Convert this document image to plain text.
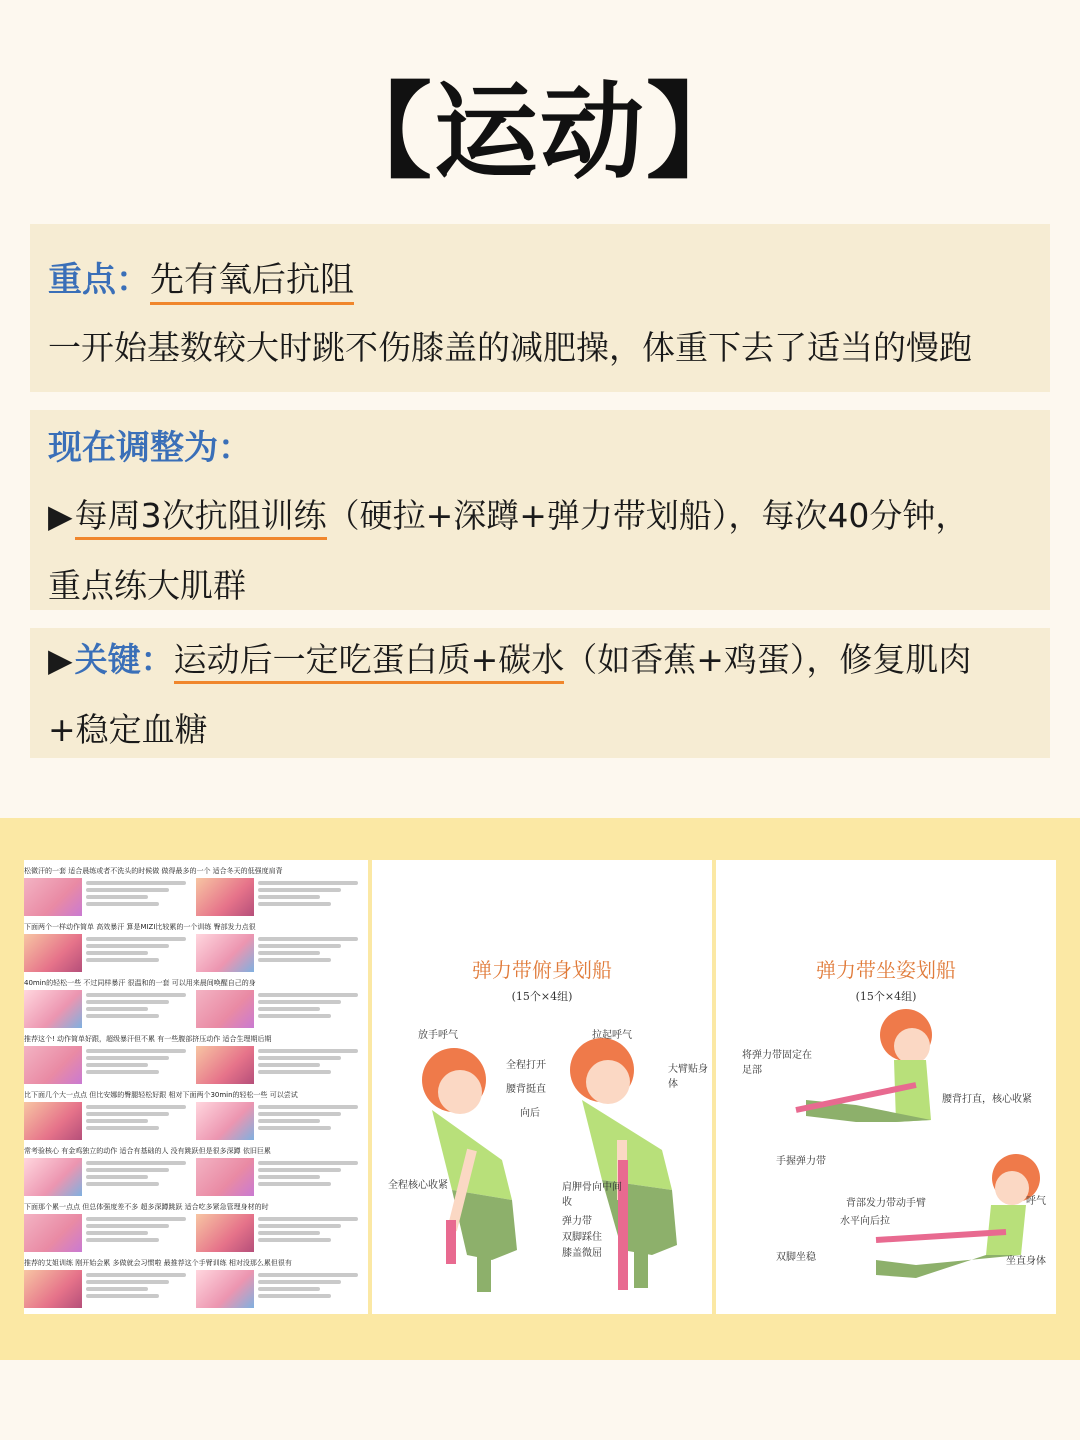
【运动】
重点：先有氧后抗阻
一开始基数较大时跳不伤膝盖的减肥操，体重下去了适当的慢跑
现在调整为：
▶每周3次抗阻训练（硬拉+深蹲+弹力带划船），每次40分钟，
重点练大肌群
▶关键：运动后一定吃蛋白质+碳水（如香蕉+鸡蛋），修复肌肉
+稳定血糖
松微汗的一套 适合晨练或者不洗头的时候做 做得最多的一个 适合冬天的低强度肩背
下面两个一样动作简单 高效暴汗 算是MIZI比较累的一个训练 臀部发力点很
40min的轻松一些 不过同样暴汗 很温和的一套 可以用来晨间唤醒自己的身
推荐这个! 动作简单好跟，超级暴汗但不累 有一些腹部挤压动作 适合生理期后期
比下面几个大一点点 但比安娜的臀腿轻松好跟 相对下面两个30min的轻松一些 可以尝试
常考验核心 有金鸡独立的动作 适合有基础的人 没有跳跃但是很多深蹲 依旧巨累
下面那个累一点点 但总体强度差不多 超多深蹲跳跃 适合吃多紧急管理身材的时
推荐的艾姐训练 刚开始会累 多做就会习惯啦 最推荐这个手臂训练 相对没那么累但很有
弹力带俯身划船
(15个×4组)
放手呼气	拉起呼气
全程打开
腰背挺直
向后
大臂贴身体
全程核心收紧	肩胛骨向中间收
弹力带
双脚踩住
膝盖微屈
弹力带坐姿划船
(15个×4组)
将弹力带固定在足部
腰背打直，核心收紧
手握弹力带
背部发力带动手臂
水平向后拉
双脚坐稳
呼气
坐直身体
